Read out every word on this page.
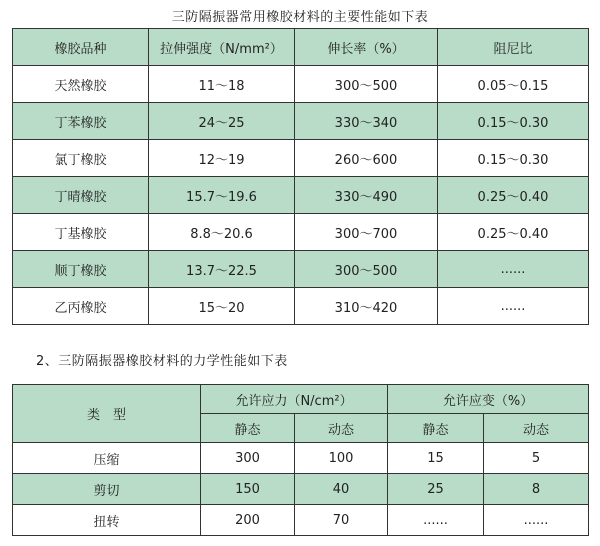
三防隔振器常用橡胶材料的主要性能如下表
橡胶品种	拉伸强度（N/mm²）	伸长率（%）	阻尼比
天然橡胶	11～18	300～500	0.05～0.15
丁苯橡胶	24～25	330～340	0.15～0.30
氯丁橡胶	12～19	260～600	0.15～0.30
丁晴橡胶	15.7～19.6	330～490	0.25～0.40
丁基橡胶	8.8～20.6	300～700	0.25～0.40
顺丁橡胶	13.7～22.5	300～500	......
乙丙橡胶	15～20	310～420	......
2、三防隔振器橡胶材料的力学性能如下表
类　型	允许应力（N/cm²）		允许应变（%）	
	静态	动态	静态	动态
压缩	300	100	15	5
剪切	150	40	25	8
扭转	200	70	......	......
